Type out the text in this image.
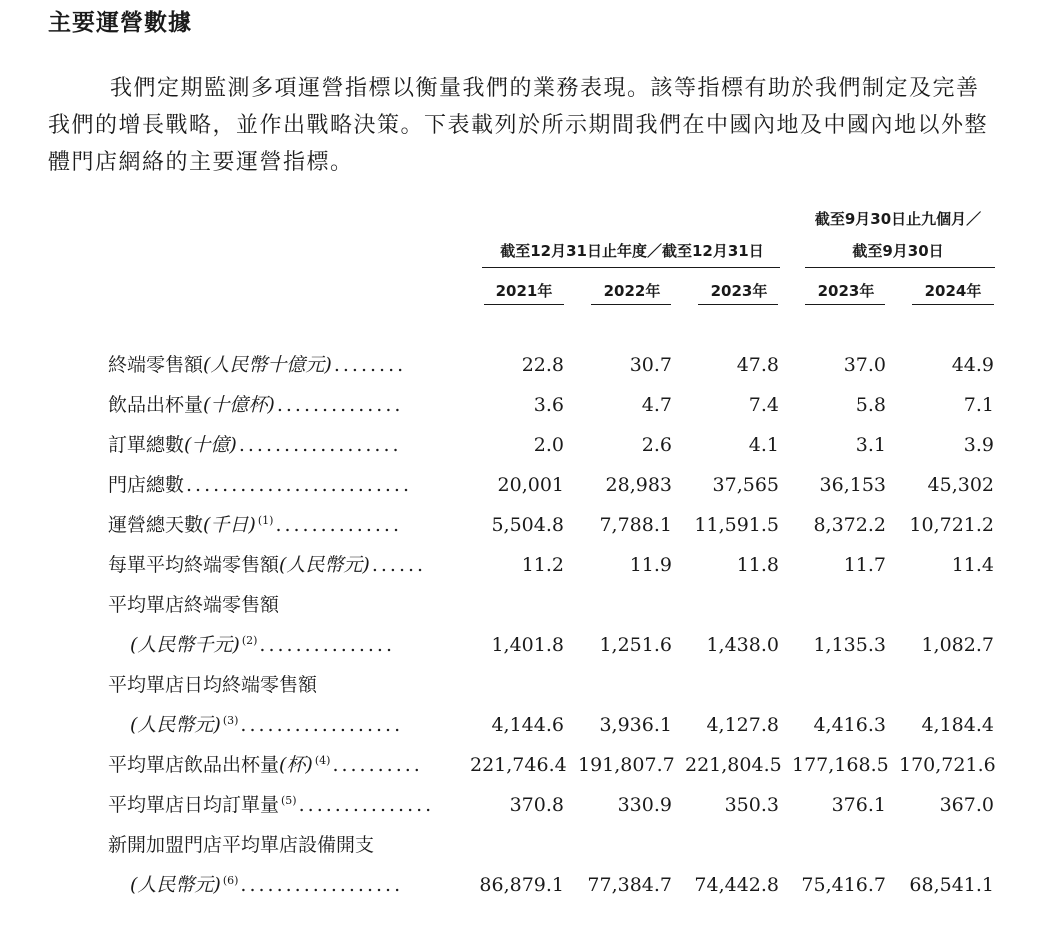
主要運營數據
我們定期監測多項運營指標以衡量我們的業務表現。該等指標有助於我們制定及完善我們的增長戰略，並作出戰略決策。下表載列於所示期間我們在中國內地及中國內地以外整體門店網絡的主要運營指標。
截至12月31日止年度／截至12月31日
截至9月30日止九個月／
截至9月30日
2021年	2022年	2023年	2023年	2024年
終端零售額(人民幣十億元) ........	22.8	30.7	47.8	37.0	44.9
飲品出杯量(十億杯) ..............	3.6	4.7	7.4	5.8	7.1
訂單總數(十億) ..................	2.0	2.6	4.1	3.1	3.9
門店總數 .........................	20,001	28,983	37,565	36,153	45,302
運營總天數(千日) $^{(1)}$ ..............	5,504.8	7,788.1	11,591.5	8,372.2	10,721.2
每單平均終端零售額(人民幣元) ......	11.2	11.9	11.8	11.7	11.4
平均單店終端零售額
(人民幣千元) $^{(2)}$ ...............	1,401.8	1,251.6	1,438.0	1,135.3	1,082.7
平均單店日均終端零售額
(人民幣元) $^{(3)}$ ..................	4,144.6	3,936.1	4,127.8	4,416.3	4,184.4
平均單店飲品出杯量(杯) $^{(4)}$ ..........	221,746.4 191,807.7 221,804.5 177,168.5 170,721.6
平均單店日均訂單量 $^{(5)}$ ...............	370.8	330.9	350.3	376.1	367.0
新開加盟門店平均單店設備開支
(人民幣元) $^{(6)}$ ..................	86,879.1	77,384.7	74,442.8	75,416.7	68,541.1
